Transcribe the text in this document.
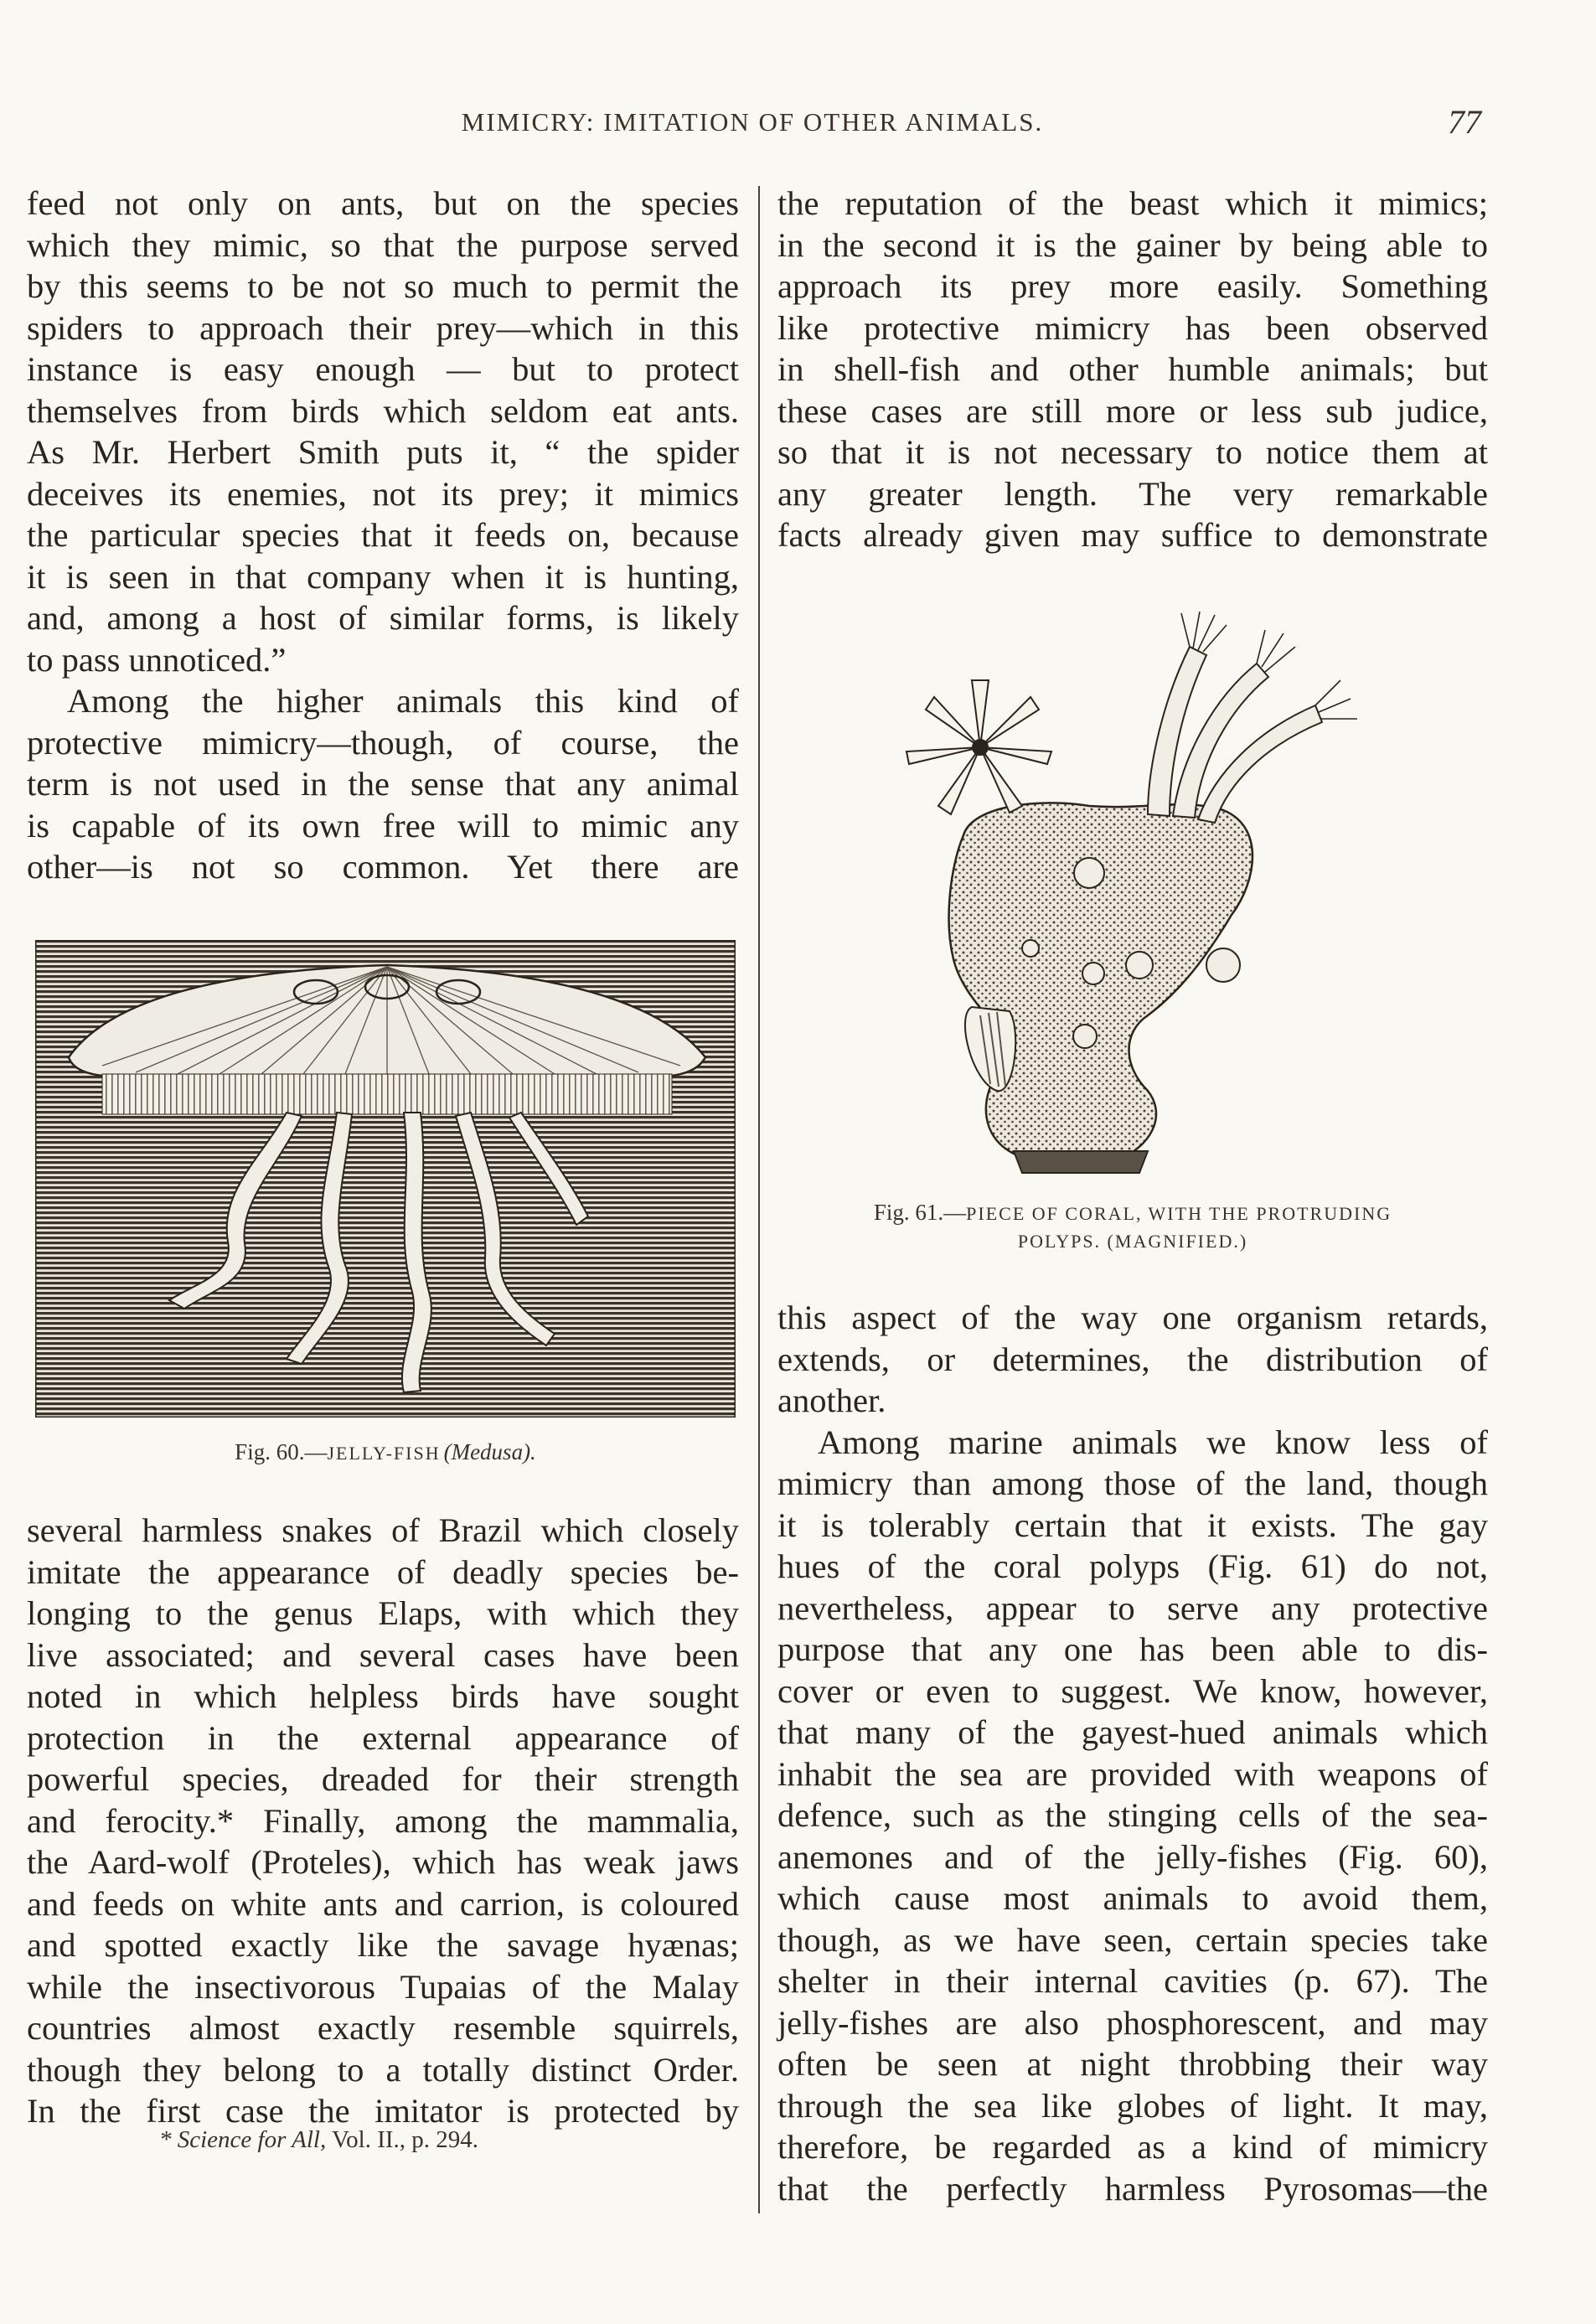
MIMICRY: IMITATION OF OTHER ANIMALS.	77
feed not only on ants, but on the species
which they mimic, so that the purpose served
by this seems to be not so much to permit the
spiders to approach their prey—which in this
instance is easy enough — but to protect
themselves from birds which seldom eat ants.
As Mr. Herbert Smith puts it, “ the spider
deceives its enemies, not its prey; it mimics
the particular species that it feeds on, because
it is seen in that company when it is hunting,
and, among a host of similar forms, is likely
to pass unnoticed.”
Among the higher animals this kind of
protective mimicry—though, of course, the
term is not used in the sense that any animal
is capable of its own free will to mimic any
other—is not so common. Yet there are
Fig. 60.—JELLY-FISH (Medusa).
several harmless snakes of Brazil which closely
imitate the appearance of deadly species be-
longing to the genus Elaps, with which they
live associated; and several cases have been
noted in which helpless birds have sought
protection in the external appearance of
powerful species, dreaded for their strength
and ferocity.* Finally, among the mammalia,
the Aard-wolf (Proteles), which has weak jaws
and feeds on white ants and carrion, is coloured
and spotted exactly like the savage hyænas;
while the insectivorous Tupaias of the Malay
countries almost exactly resemble squirrels,
though they belong to a totally distinct Order.
In the first case the imitator is protected by
* Science for All, Vol. II., p. 294.
the reputation of the beast which it mimics;
in the second it is the gainer by being able to
approach its prey more easily. Something
like protective mimicry has been observed
in shell-fish and other humble animals; but
these cases are still more or less sub judice,
so that it is not necessary to notice them at
any greater length. The very remarkable
facts already given may suffice to demonstrate
Fig. 61.—PIECE OF CORAL, WITH THE PROTRUDING
POLYPS. (MAGNIFIED.)
this aspect of the way one organism retards,
extends, or determines, the distribution of
another.
Among marine animals we know less of
mimicry than among those of the land, though
it is tolerably certain that it exists. The gay
hues of the coral polyps (Fig. 61) do not,
nevertheless, appear to serve any protective
purpose that any one has been able to dis-
cover or even to suggest. We know, however,
that many of the gayest-hued animals which
inhabit the sea are provided with weapons of
defence, such as the stinging cells of the sea-
anemones and of the jelly-fishes (Fig. 60),
which cause most animals to avoid them,
though, as we have seen, certain species take
shelter in their internal cavities (p. 67). The
jelly-fishes are also phosphorescent, and may
often be seen at night throbbing their way
through the sea like globes of light. It may,
therefore, be regarded as a kind of mimicry
that the perfectly harmless Pyrosomas—the
